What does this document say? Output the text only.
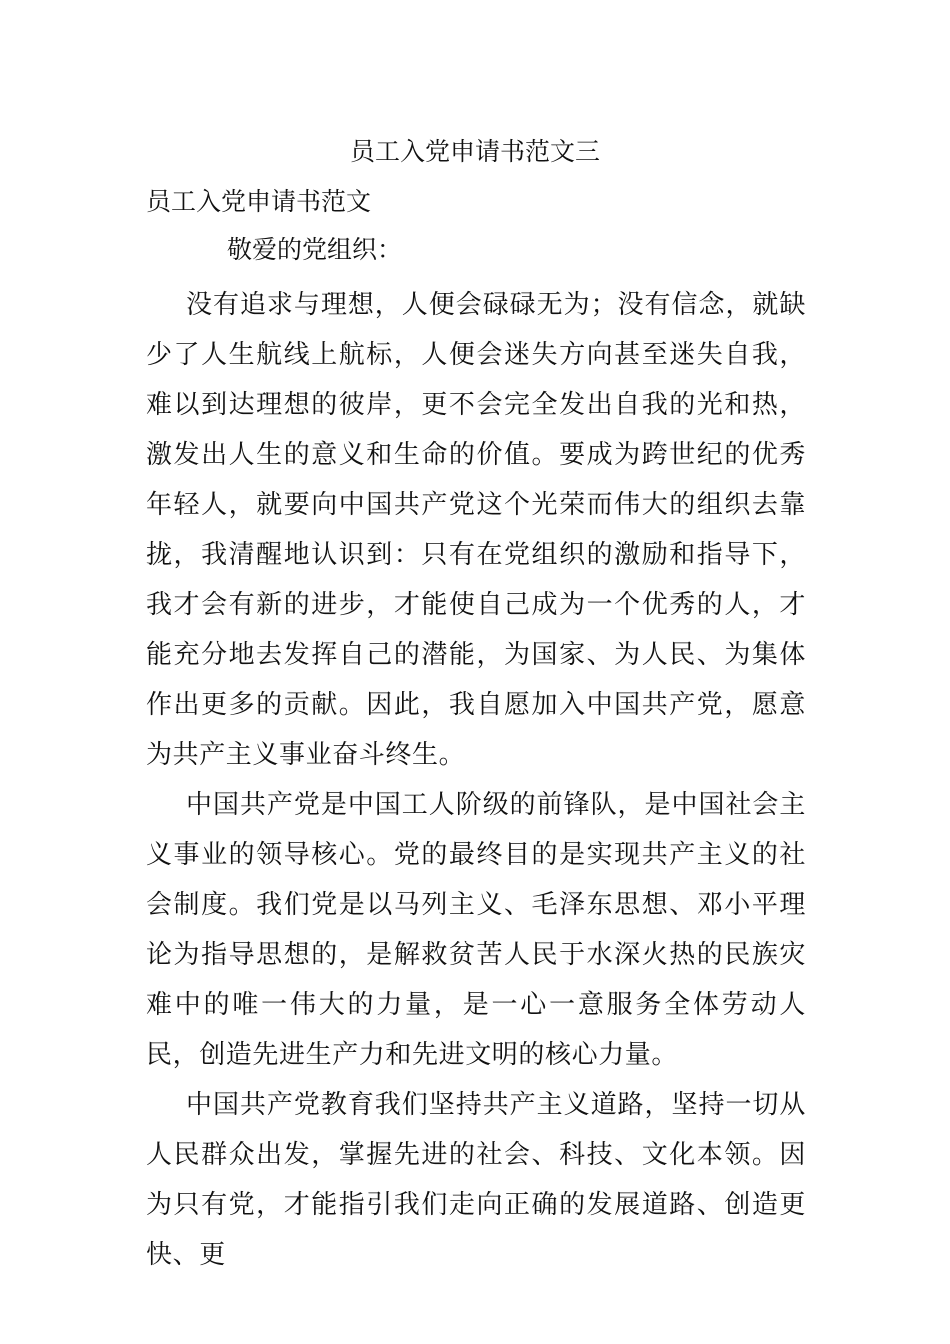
员工入党申请书范文三

员工入党申请书范文

敬爱的党组织：

没有追求与理想，人便会碌碌无为；没有信念，就缺少了人生航线上航标，人便会迷失方向甚至迷失自我，难以到达理想的彼岸，更不会完全发出自我的光和热，激发出人生的意义和生命的价值。要成为跨世纪的优秀年轻人，就要向中国共产党这个光荣而伟大的组织去靠拢，我清醒地认识到：只有在党组织的激励和指导下，我才会有新的进步，才能使自己成为一个优秀的人，才能充分地去发挥自己的潜能，为国家、为人民、为集体作出更多的贡献。因此，我自愿加入中国共产党，愿意为共产主义事业奋斗终生。

中国共产党是中国工人阶级的前锋队，是中国社会主义事业的领导核心。党的最终目的是实现共产主义的社会制度。我们党是以马列主义、毛泽东思想、邓小平理论为指导思想的，是解救贫苦人民于水深火热的民族灾难中的唯一伟大的力量，是一心一意服务全体劳动人民，创造先进生产力和先进文明的核心力量。

中国共产党教育我们坚持共产主义道路，坚持一切从人民群众出发，掌握先进的社会、科技、文化本领。因为只有党，才能指引我们走向正确的发展道路、创造更快、更
